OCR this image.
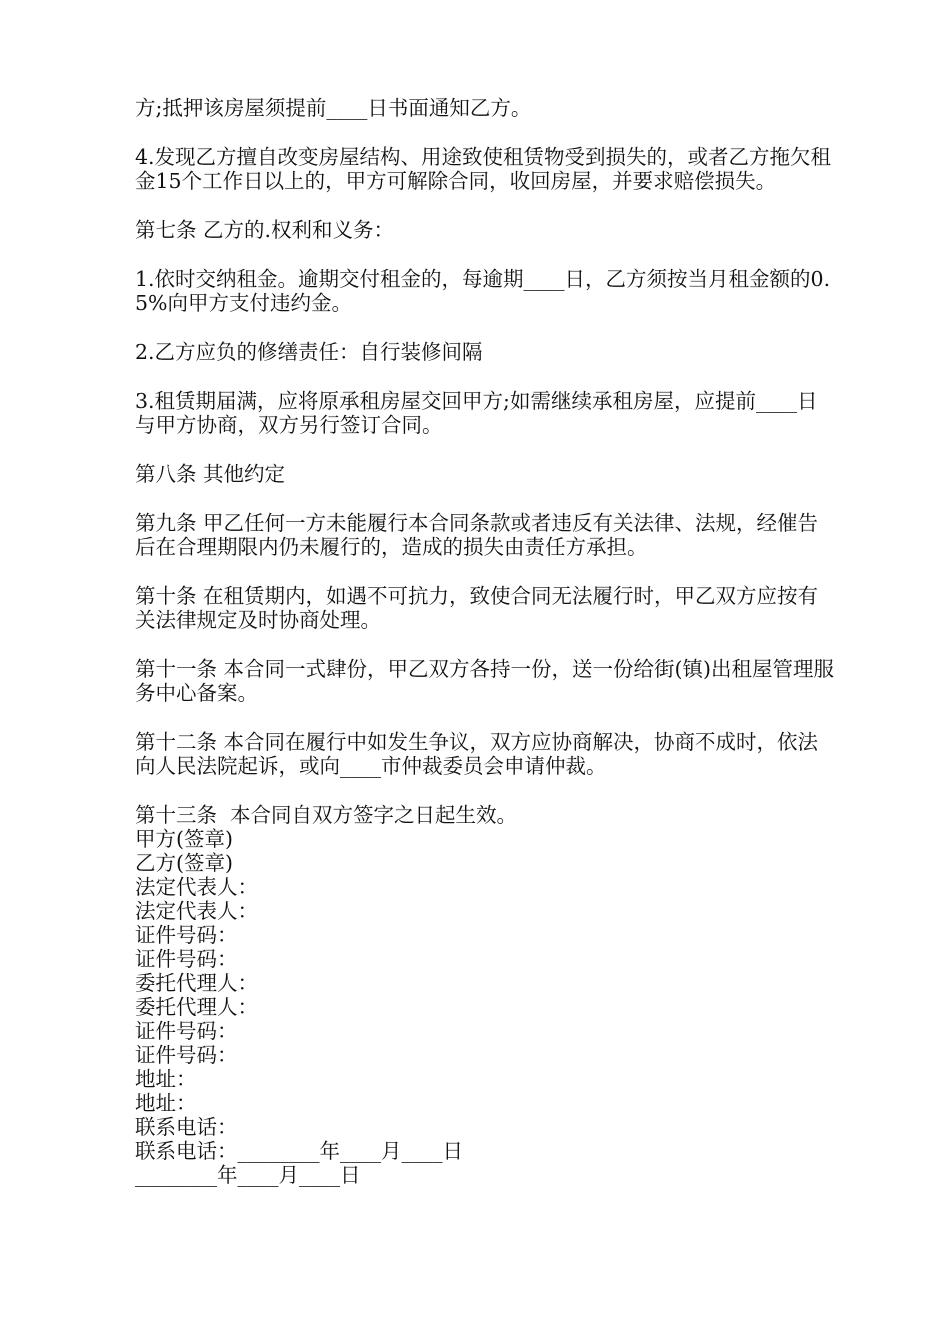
方;抵押该房屋须提前____日书面通知乙方。

4.发现乙方擅自改变房屋结构、用途致使租赁物受到损失的，或者乙方拖欠租金15个工作日以上的，甲方可解除合同，收回房屋，并要求赔偿损失。

第七条 乙方的.权利和义务：

1.依时交纳租金。逾期交付租金的，每逾期____日，乙方须按当月租金额的0.5%向甲方支付违约金。

2.乙方应负的修缮责任：自行装修间隔

3.租赁期届满，应将原承租房屋交回甲方;如需继续承租房屋，应提前____日与甲方协商，双方另行签订合同。

第八条 其他约定

第九条 甲乙任何一方未能履行本合同条款或者违反有关法律、法规，经催告后在合理期限内仍未履行的，造成的损失由责任方承担。

第十条 在租赁期内，如遇不可抗力，致使合同无法履行时，甲乙双方应按有关法律规定及时协商处理。

第十一条 本合同一式肆份，甲乙双方各持一份，送一份给街(镇)出租屋管理服务中心备案。

第十二条 本合同在履行中如发生争议，双方应协商解决，协商不成时，依法向人民法院起诉，或向____市仲裁委员会申请仲裁。

第十三条  本合同自双方签字之日起生效。

甲方(签章)

乙方(签章)

法定代表人：

法定代表人：

证件号码：

证件号码：

委托代理人：

委托代理人：

证件号码：

证件号码：

地址：

地址：

联系电话：

联系电话：________年____月____日

________年____月____日
